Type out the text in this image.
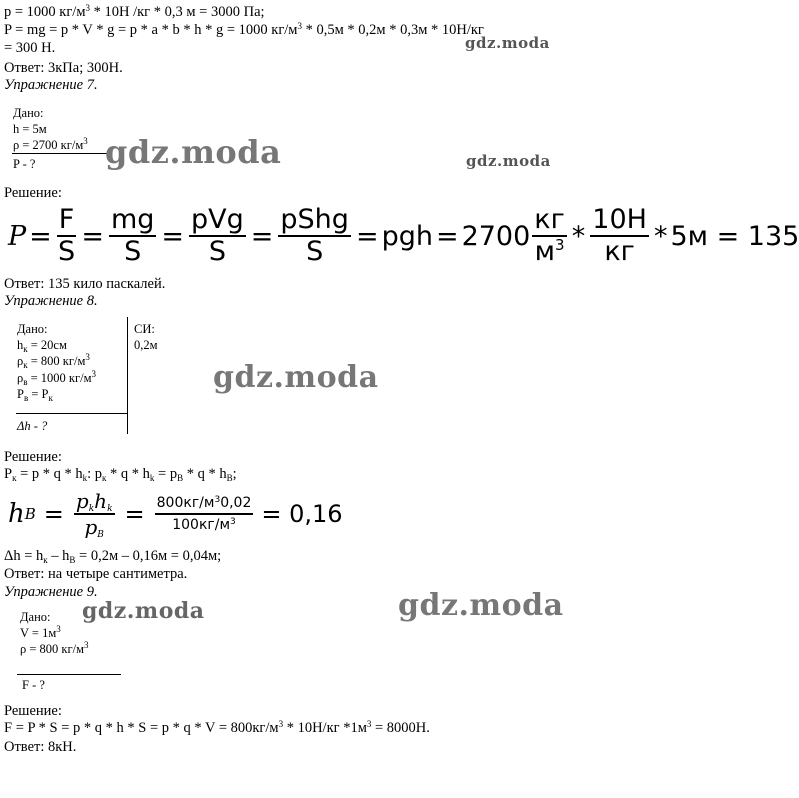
p = 1000 $кг/м^3 * 10Н$ /кг * 0,3 м = 3000 Па;
P = mg = p * V * g = p * a * b * h * g = 1000 $кг/м^3 * 0,5м * 0,2м * 0,3м * 10Н/кг$
= 300 Н.	gdz.moda
Ответ: 3кПа; 300Н.
Упражнение 7.
Дано:
h = 5м
ρ = 2700 $кг/м^3$
P - ? gdz.moda	gdz.moda
Решение:
$P = \frac{F}{S} = \frac{mg}{S}$ =
pVg
S =
pShg
S = pgh = 2700
кг
$м^3$ *
10Н
кг * 5м = 135
Ответ: 135 кило паскалей.
Упражнение 8.
Дано:
$h_к = 20см$
$\rho_к = 800$ $кг/м^3$
$\rho_в = 1000$ $кг/м^3$
$P_в = P_к$
СИ:
0,2м
Δh - ?
gdz.moda
Решение:
$P_к = p * q * h_k$: $p_к * q * h_k = p_В * q * h_В$;
h $B = p_kh_k$
$p_B$
= $800кг/м^30,02$
$100кг/м^3 = 0,16$
$\Delta h = h_к - h_В = 0,2м - 0,16м = 0,04м$;
Ответ: на четыре сантиметра.
Упражнение 9.
Дано:
$V = 1м^3$
ρ = 800 $кг/м^3$
F - ?
gdz.moda	gdz.moda
Решение:
$F = P * S = p * q * h * S = p * q * V = 800кг/м^3 * 10Н/кг$ $*1м^3 = 8000Н$.
Ответ: 8кН.
